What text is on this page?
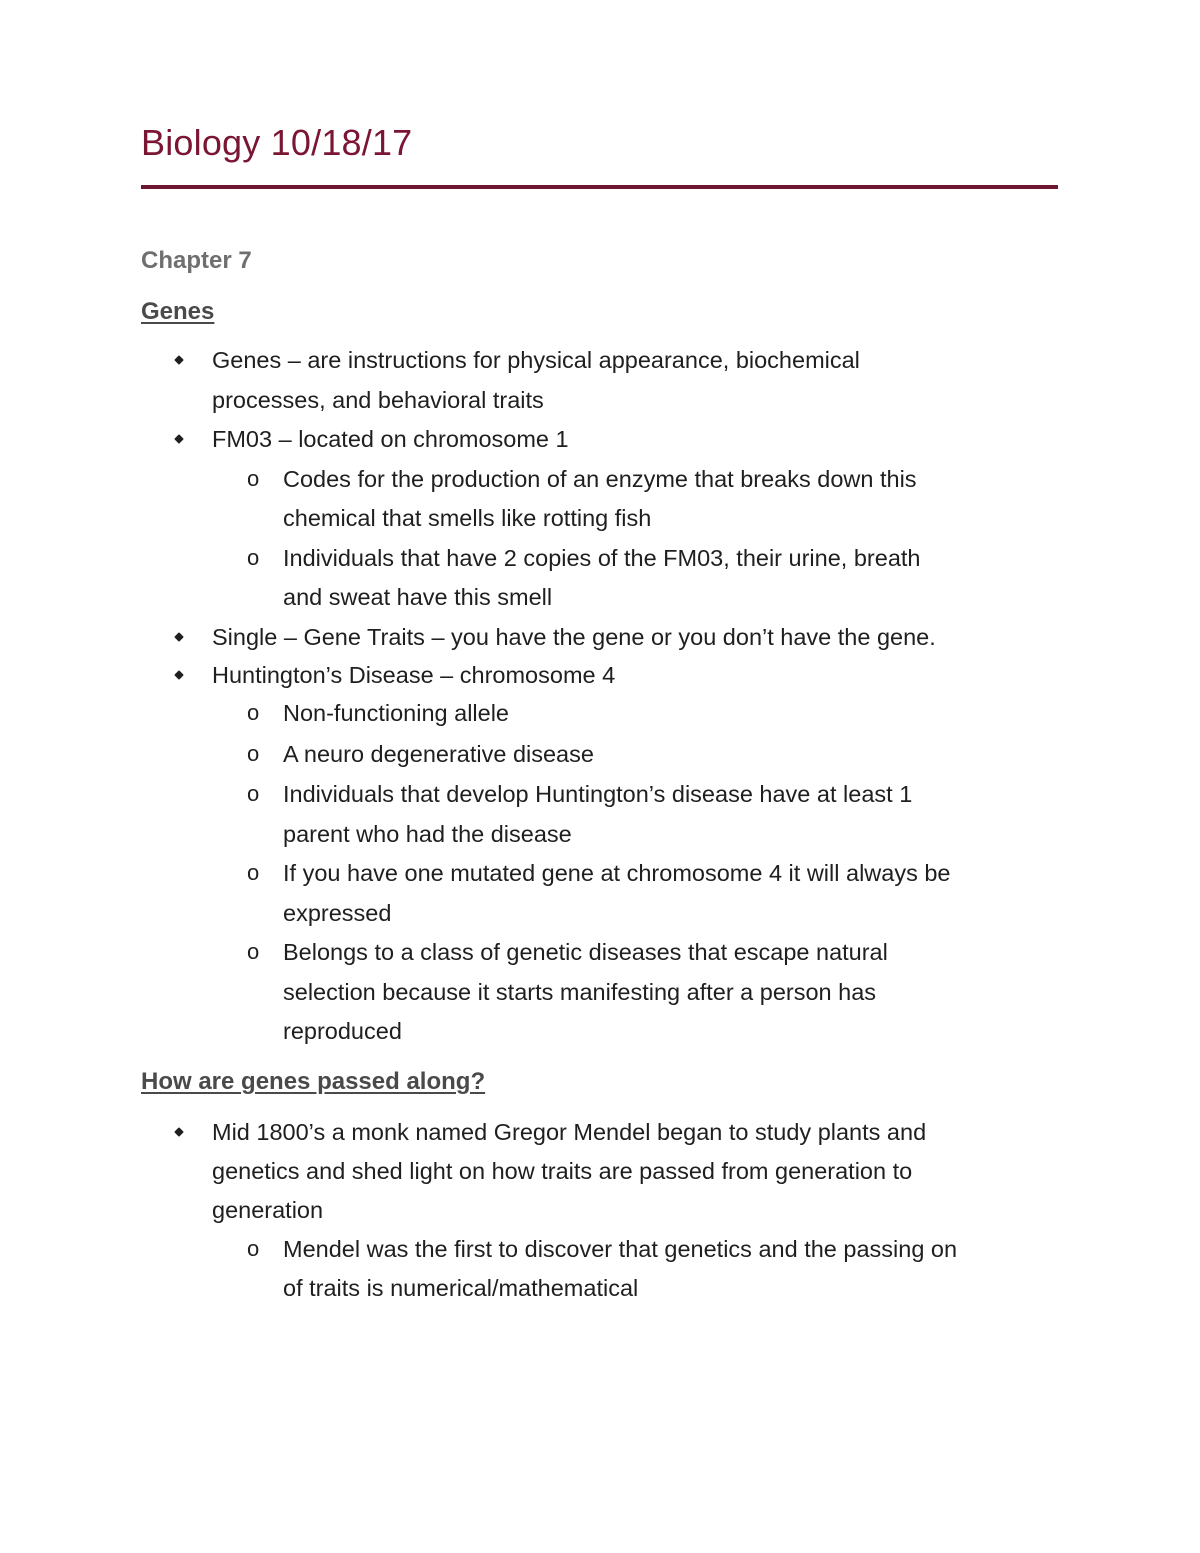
Biology 10/18/17
Chapter 7
Genes
Genes – are instructions for physical appearance, biochemical
processes, and behavioral traits
FM03 – located on chromosome 1
o Codes for the production of an enzyme that breaks down this
chemical that smells like rotting fish
o Individuals that have 2 copies of the FM03, their urine, breath
and sweat have this smell
Single – Gene Traits – you have the gene or you don’t have the gene.
Huntington’s Disease – chromosome 4
o Non-functioning allele
o A neuro degenerative disease
o Individuals that develop Huntington’s disease have at least 1
parent who had the disease
o If you have one mutated gene at chromosome 4 it will always be
expressed
o Belongs to a class of genetic diseases that escape natural
selection because it starts manifesting after a person has
reproduced
How are genes passed along?
Mid 1800’s a monk named Gregor Mendel began to study plants and
genetics and shed light on how traits are passed from generation to
generation
o Mendel was the first to discover that genetics and the passing on
of traits is numerical/mathematical
